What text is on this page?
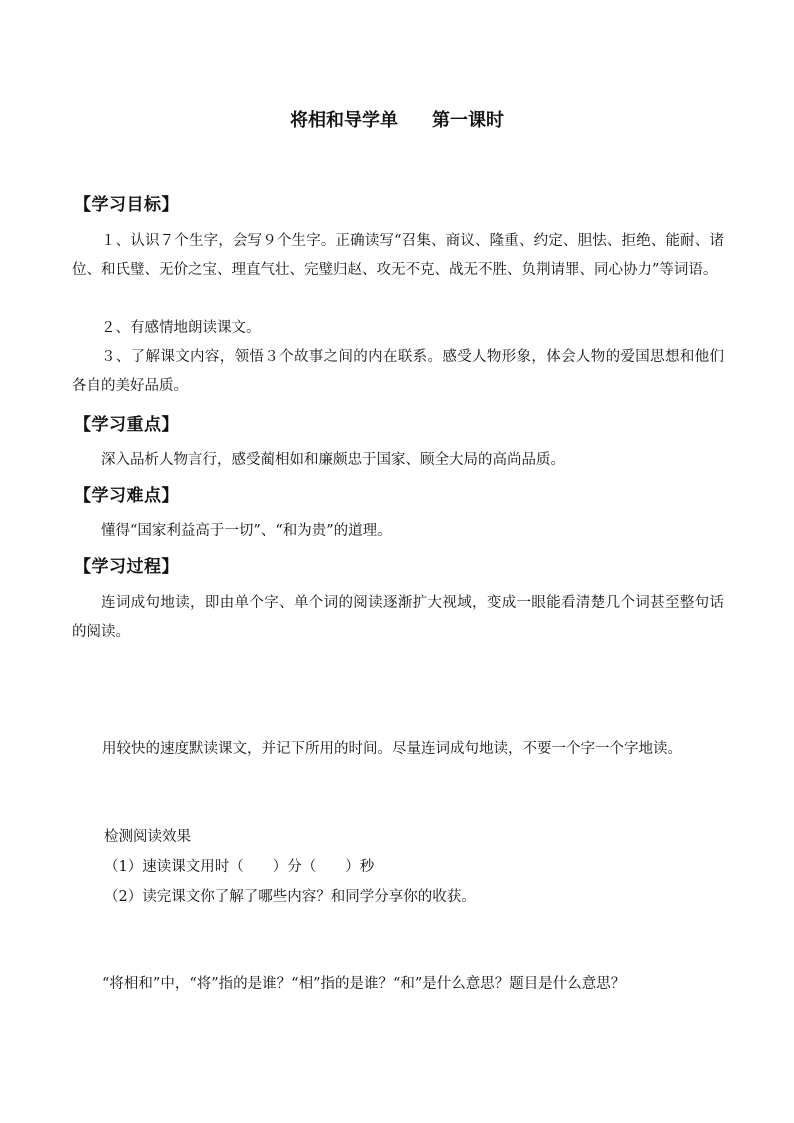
将相和导学单 第一课时
【学习目标】

１、认识７个生字，会写９个生字。正确读写“召集、商议、隆重、约定、胆怯、拒绝、能耐、诸位、和氏璧、无价之宝、理直气壮、完璧归赵、攻无不克、战无不胜、负荆请罪、同心协力”等词语。

２、有感情地朗读课文。

３、了解课文内容，领悟３个故事之间的内在联系。感受人物形象，体会人物的爱国思想和他们各自的美好品质。

【学习重点】

深入品析人物言行，感受蔺相如和廉颇忠于国家、顾全大局的高尚品质。

【学习难点】

懂得“国家利益高于一切”、“和为贵”的道理。

【学习过程】

连词成句地读，即由单个字、单个词的阅读逐渐扩大视域，变成一眼能看清楚几个词甚至整句话的阅读。

用较快的速度默读课文，并记下所用的时间。尽量连词成句地读，不要一个字一个字地读。
检测阅读效果
（1）速读课文用时（　　）分（　　）秒
（2）读完课文你了解了哪些内容？和同学分享你的收获。
“将相和”中，“将”指的是谁？“相”指的是谁？“和”是什么意思？题目是什么意思？
